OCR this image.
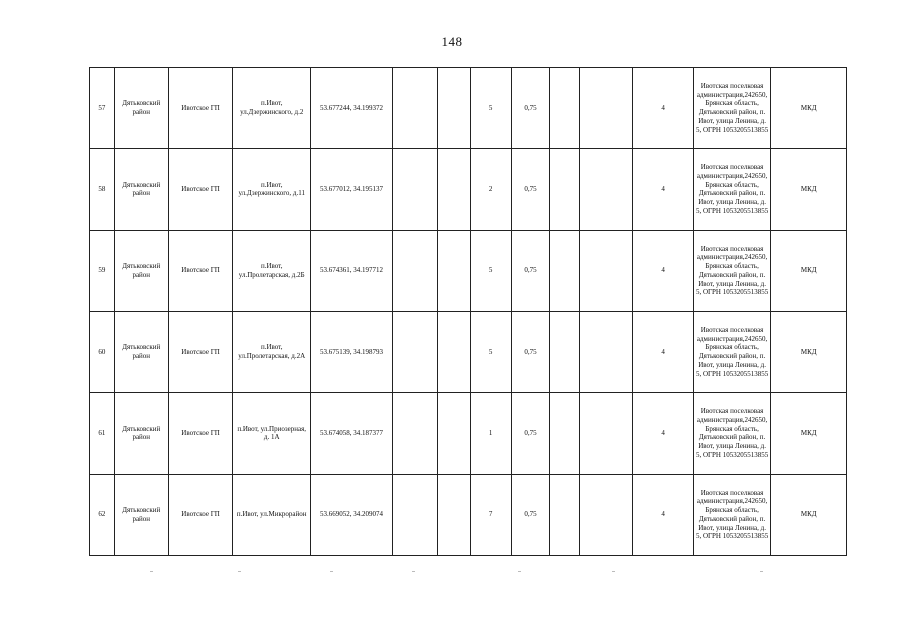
148
57	Дятьковский район	Ивотское ГП	п.Ивот, ул.Дзержинского, д.2	53.677244, 34.199372			5	0,75			4	Ивотская поселковая администрация,242650, Брянская область, Дятьковский район, п. Ивот, улица Ленина, д. 5, ОГРН 1053205513855	МКД
58	Дятьковский район	Ивотское ГП	п.Ивот, ул.Дзержинского, д.11	53.677012, 34.195137			2	0,75			4	Ивотская поселковая администрация,242650, Брянская область, Дятьковский район, п. Ивот, улица Ленина, д. 5, ОГРН 1053205513855	МКД
59	Дятьковский район	Ивотское ГП	п.Ивот, ул.Пролетарская, д.2Б	53.674361, 34.197712			5	0,75			4	Ивотская поселковая администрация,242650, Брянская область, Дятьковский район, п. Ивот, улица Ленина, д. 5, ОГРН 1053205513855	МКД
60	Дятьковский район	Ивотское ГП	п.Ивот, ул.Пролетарская, д.2А	53.675139, 34.198793			5	0,75			4	Ивотская поселковая администрация,242650, Брянская область, Дятьковский район, п. Ивот, улица Ленина, д. 5, ОГРН 1053205513855	МКД
61	Дятьковский район	Ивотское ГП	п.Ивот, ул.Приозерная, д. 1А	53.674058, 34.187377			1	0,75			4	Ивотская поселковая администрация,242650, Брянская область, Дятьковский район, п. Ивот, улица Ленина, д. 5, ОГРН 1053205513855	МКД
62	Дятьковский район	Ивотское ГП	п.Ивот, ул.Микрорайон	53.669052, 34.209074			7	0,75			4	Ивотская поселковая администрация,242650, Брянская область, Дятьковский район, п. Ивот, улица Ленина, д. 5, ОГРН 1053205513855	МКД
